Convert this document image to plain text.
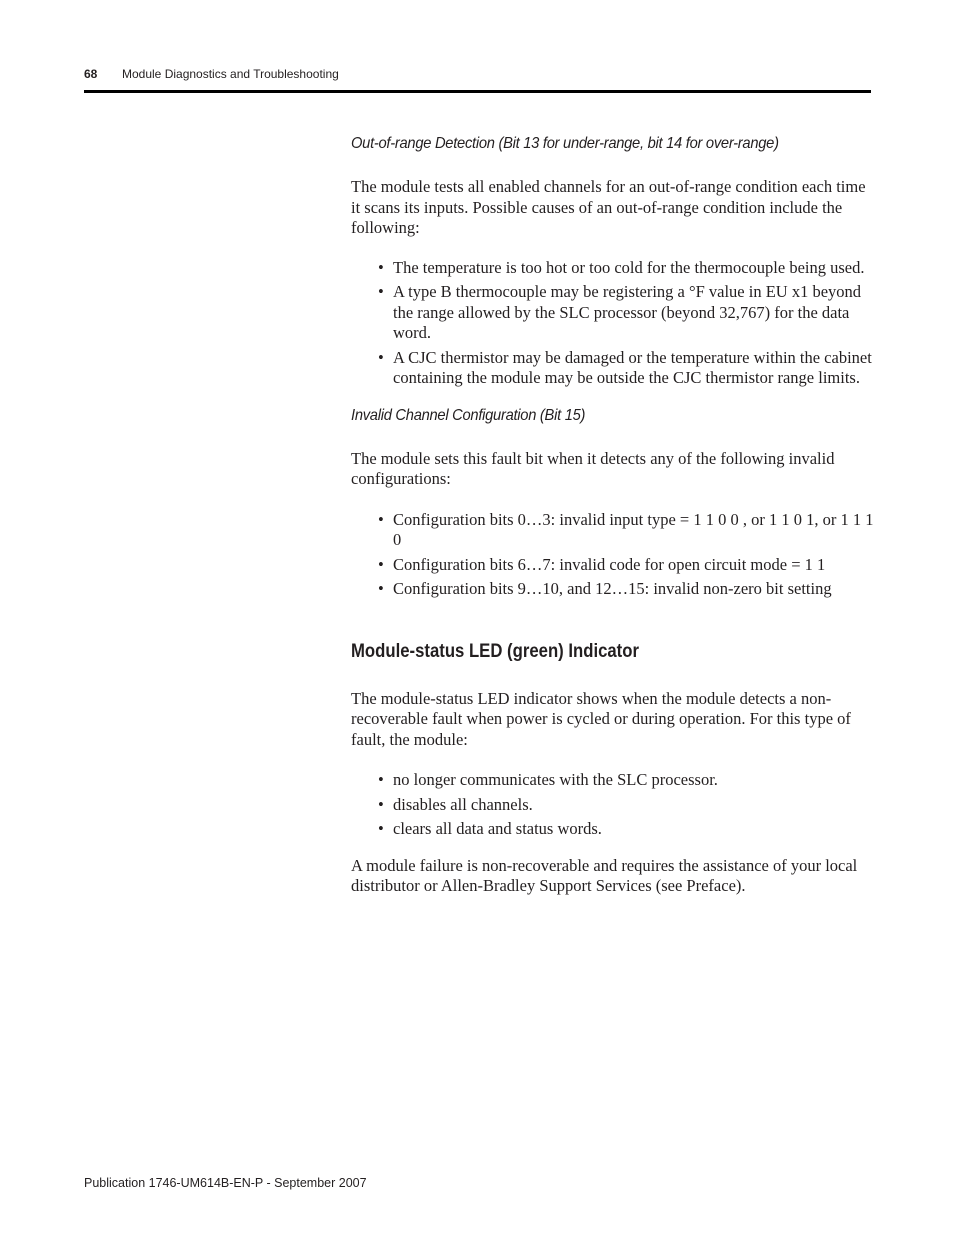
68 Module Diagnostics and Troubleshooting

Out-of-range Detection (Bit 13 for under-range, bit 14 for over-range)

The module tests all enabled channels for an out-of-range condition each time it scans its inputs. Possible causes of an out-of-range condition include the following:

• The temperature is too hot or too cold for the thermocouple being used.
• A type B thermocouple may be registering a °F value in EU x1 beyond the range allowed by the SLC processor (beyond 32,767) for the data word.
• A CJC thermistor may be damaged or the temperature within the cabinet containing the module may be outside the CJC thermistor range limits.

Invalid Channel Configuration (Bit 15)

The module sets this fault bit when it detects any of the following invalid configurations:

• Configuration bits 0…3: invalid input type = 1 1 0 0 , or 1 1 0 1, or 1 1 1 0
• Configuration bits 6…7: invalid code for open circuit mode = 1 1
• Configuration bits 9…10, and 12…15: invalid non-zero bit setting

Module-status LED (green) Indicator

The module-status LED indicator shows when the module detects a non-recoverable fault when power is cycled or during operation. For this type of fault, the module:

• no longer communicates with the SLC processor.
• disables all channels.
• clears all data and status words.

A module failure is non-recoverable and requires the assistance of your local distributor or Allen-Bradley Support Services (see Preface).

Publication 1746-UM614B-EN-P - September 2007
